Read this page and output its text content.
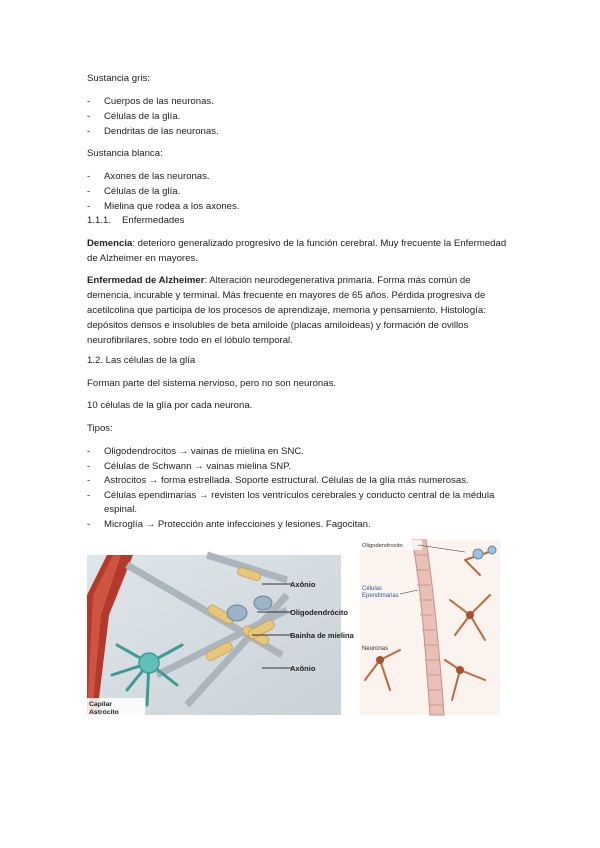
Sustancia gris:
- Cuerpos de las neuronas.
- Células de la glía.
- Dendritas de las neuronas.
Sustancia blanca:
- Axones de las neuronas.
- Células de la glía.
- Mielina que rodea a los axones.
1.1.1. Enfermedades
Demencia: deterioro generalizado progresivo de la función cerebral. Muy frecuente la Enfermedad de Alzheimer en mayores.
Enfermedad de Alzheimer: Alteración neurodegenerativa primaria. Forma más común de demencia, incurable y terminal. Más frecuente en mayores de 65 años. Pérdida progresiva de acetilcolina que participa de los procesos de aprendizaje, memoria y pensamiento. Histología: depósitos densos e insolubles de beta amiloide (placas amiloideas) y formación de ovillos neurofibrilares, sobre todo en el lóbulo temporal.
1.2. Las células de la glía
Forman parte del sistema nervioso, pero no son neuronas.
10 células de la glía por cada neurona.
Tipos:
- Oligodendrocitos → vainas de mielina en SNC.
- Células de Schwann → vainas mielina SNP.
- Astrocitos → forma estrellada. Soporte estructural. Células de la glía más numerosas.
- Células ependimarias → revisten los ventrículos cerebrales y conducto central de la médula
espinal.
- Microglía → Protección ante infecciones y lesiones. Fagocitan.
Axônio
Oligodendrócito
Bainha de mielina
Axônio
Capilar
Astrócito
Oligodendrocito
Células
Ependimarias
Neuronas
